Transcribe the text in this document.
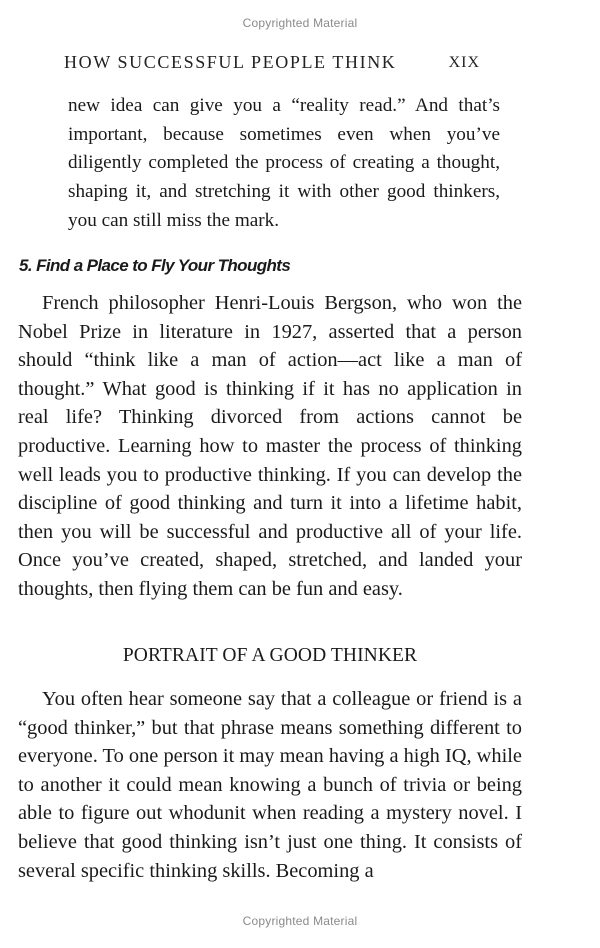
Copyrighted Material
HOW SUCCESSFUL PEOPLE THINK	XIX
new idea can give you a “reality read.” And that’s important, because sometimes even when you’ve diligently completed the process of creating a thought, shaping it, and stretching it with other good thinkers, you can still miss the mark.
5. Find a Place to Fly Your Thoughts

French philosopher Henri-Louis Bergson, who won the Nobel Prize in literature in 1927, asserted that a person should “think like a man of action—act like a man of thought.” What good is thinking if it has no application in real life? Thinking divorced from actions cannot be productive. Learning how to master the process of thinking well leads you to productive thinking. If you can develop the discipline of good thinking and turn it into a lifetime habit, then you will be successful and productive all of your life. Once you’ve created, shaped, stretched, and landed your thoughts, then flying them can be fun and easy.

PORTRAIT OF A GOOD THINKER

You often hear someone say that a colleague or friend is a “good thinker,” but that phrase means something different to everyone. To one person it may mean having a high IQ, while to another it could mean knowing a bunch of trivia or being able to figure out whodunit when reading a mystery novel. I believe that good thinking isn’t just one thing. It consists of several specific thinking skills. Becoming a

Copyrighted Material
